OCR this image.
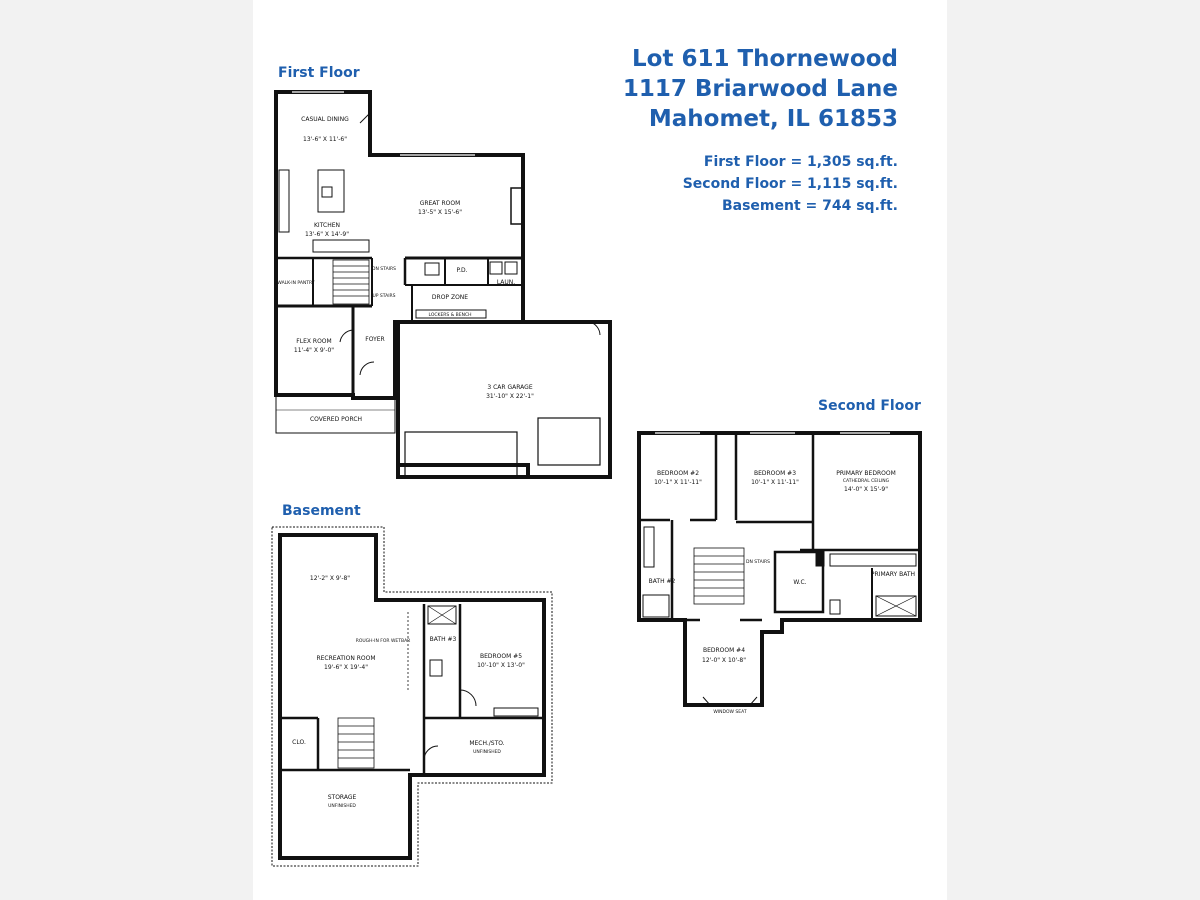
Lot 611 Thornewood
1117 Briarwood Lane
Mahomet, IL 61853
First Floor = 1,305 sq.ft.
Second Floor = 1,115 sq.ft.
Basement = 744 sq.ft.
First Floor
Second Floor
Basement
CASUAL DINING
13'-6" X 11'-6"
GREAT ROOM
13'-5" X 15'-6"
KITCHEN
13'-6" X 14'-9"
WALK-IN PANTRY
DN STAIRS
UP STAIRS
P.D.
LAUN.
DROP ZONE
LOCKERS & BENCH
FLEX ROOM
11'-4" X 9'-0"
FOYER
3 CAR GARAGE
31'-10" X 22'-1"
COVERED PORCH
BEDROOM #2
10'-1" X 11'-11"
BEDROOM #3
10'-1" X 11'-11"
PRIMARY BEDROOM
CATHEDRAL CEILING
14'-0" X 15'-9"
DN STAIRS
BATH #2	W.C.
PRIMARY BATH
BEDROOM #4
12'-0" X 10'-8"
WINDOW SEAT
12'-2" X 9'-8"
ROUGH-IN FOR WETBAR
RECREATION ROOM
19'-6" X 19'-4"
BATH #3
BEDROOM #5
10'-10" X 13'-0"
CLO.	MECH./STO.
UNFINISHED
STORAGE
UNFINISHED
